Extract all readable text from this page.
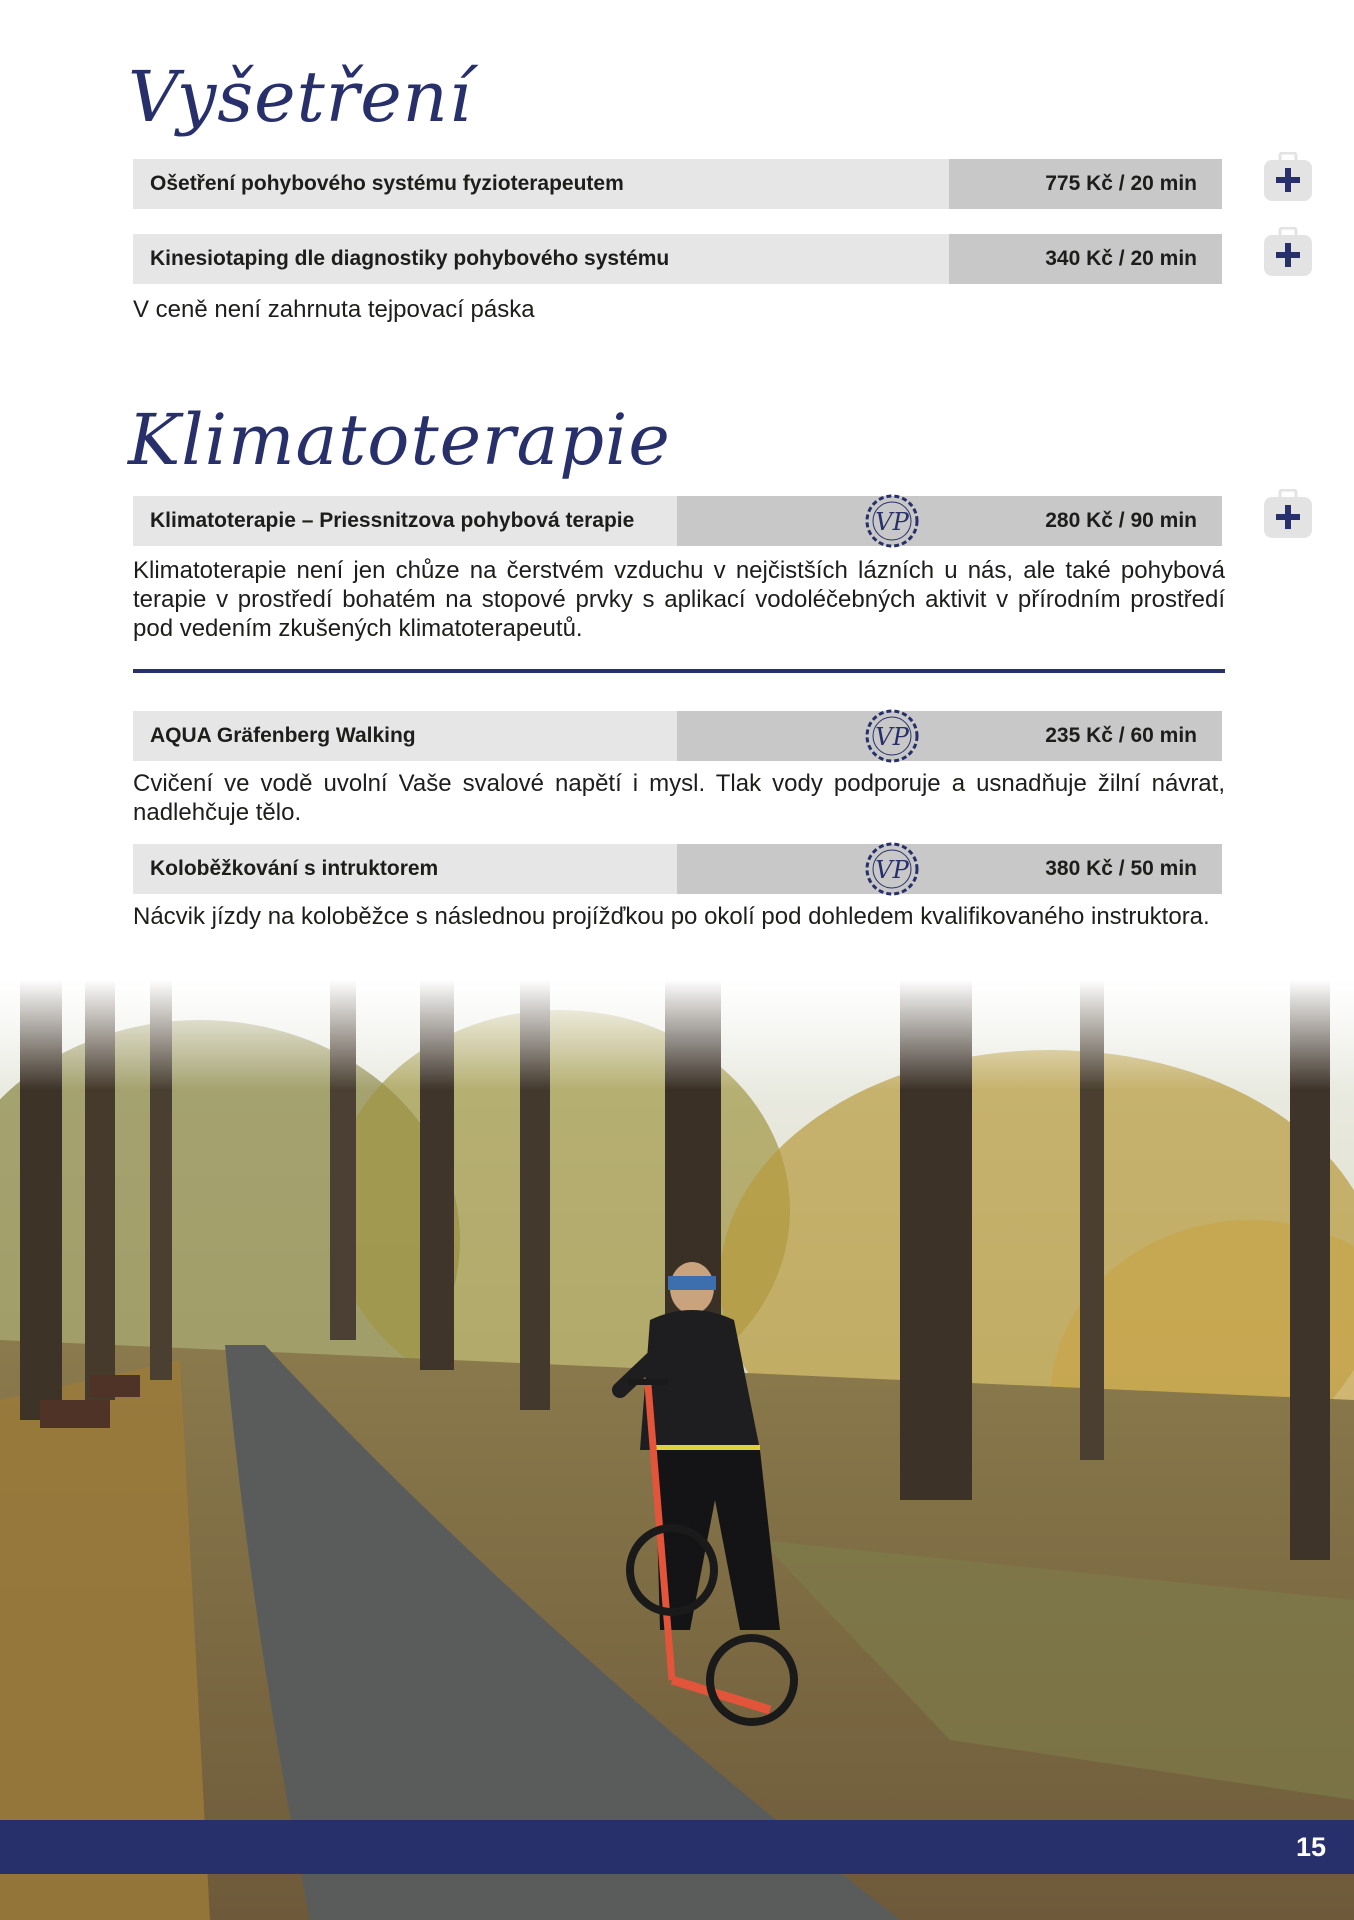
Vyšetření
Ošetření pohybového systému fyzioterapeutem	775 Kč / 20 min
Kinesiotaping dle diagnostiky pohybového systému	340 Kč / 20 min

V ceně není zahrnuta tejpovací páska

Klimatoterapie
Klimatoterapie – Priessnitzova pohybová terapie	VP	280 Kč / 90 min

Klimatoterapie není jen chůze na čerstvém vzduchu v nejčistších lázních u nás, ale také pohybová terapie v prostředí bohatém na stopové prvky s aplikací vodoléčebných aktivit v přírodním prostředí pod vedením zkušených klimatoterapeutů.

AQUA Gräfenberg Walking	VP	235 Kč / 60 min

Cvičení ve vodě uvolní Vaše svalové napětí i mysl. Tlak vody podporuje a usnadňuje žilní návrat, nadlehčuje tělo.

Koloběžkování s intruktorem	VP	380 Kč / 50 min

Nácvik jízdy na koloběžce s následnou projížďkou po okolí pod dohledem kvalifikovaného instruktora.

15
